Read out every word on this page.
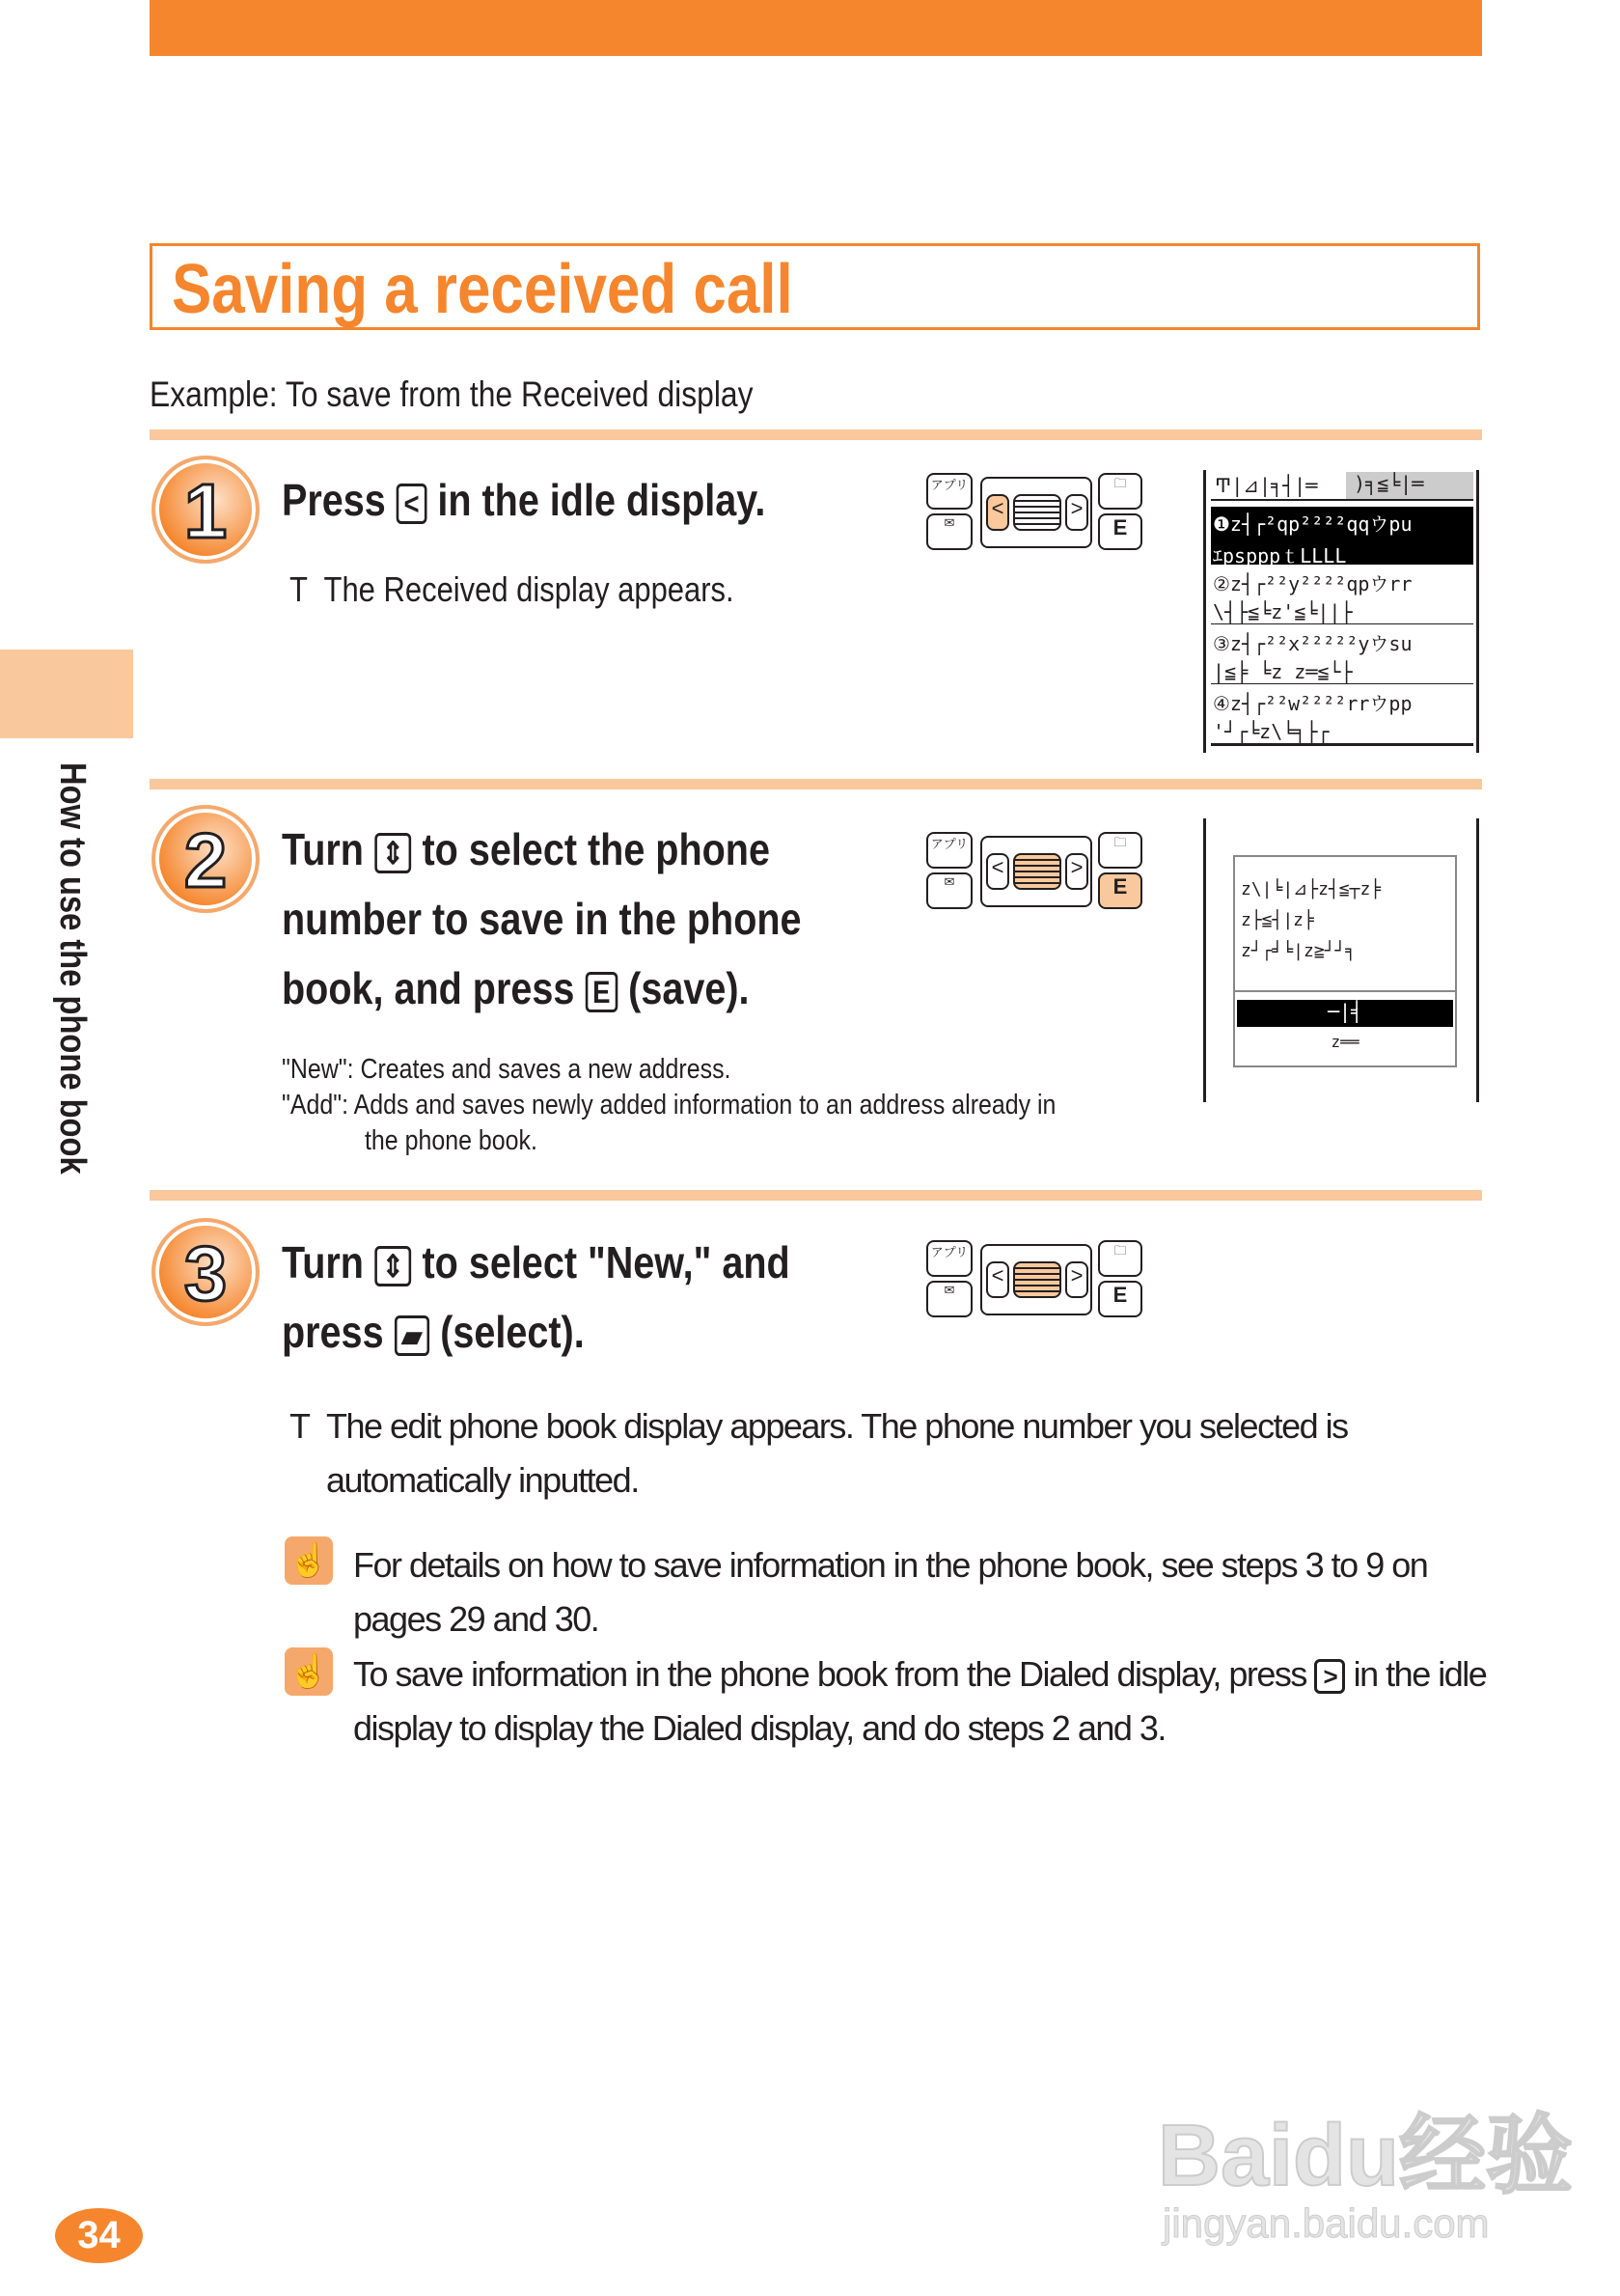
Saving a received call
Example: To save from the Received display
How to use the phone book
1	Press < in the idle display.
T  The Received display appears.
アプリ
✉
<	>
🗀
E
アプリ
✉
<	>
🗀
E
アプリ
✉
<	>
🗀
E
Ͳ|⊿|╕┤|═	)╕≦╘|═
❶z┤┌²qp²²²²qqウpu
ｴpspppｔLLLL
②z┤┌²²y²²²²qpウrr
\┤├≦╘z'≦╘||├
③z┤┌²²x²²²²²yウsu
|≦╞ ╘z z═≦└├
④z┤┌²²w²²²²rrウpp
'┘┌╘z\╘╕├┌
2	Turn ⇕ to select the phone
number to save in the phone
book, and press E (save).
"New": Creates and saves a new address.
"Add": Adds and saves newly added information to an address already in
the phone book.
z\|╘|⊿├z┤≦┬z╞
z├≦┤|z╞
z┘┌╛╘|z≧┘┘╕
─|╡
z══
3	Turn ⇕ to select "New," and
press ▰ (select).
T The edit phone book display appears. The phone number you selected is automatically inputted.
☝ For details on how to save information in the phone book, see steps 3 to 9 on pages 29 and 30.
☝ To save information in the phone book from the Dialed display, press > in the idle display to display the Dialed display, and do steps 2 and 3.
34
Baidu经验
jingyan.baidu.com
